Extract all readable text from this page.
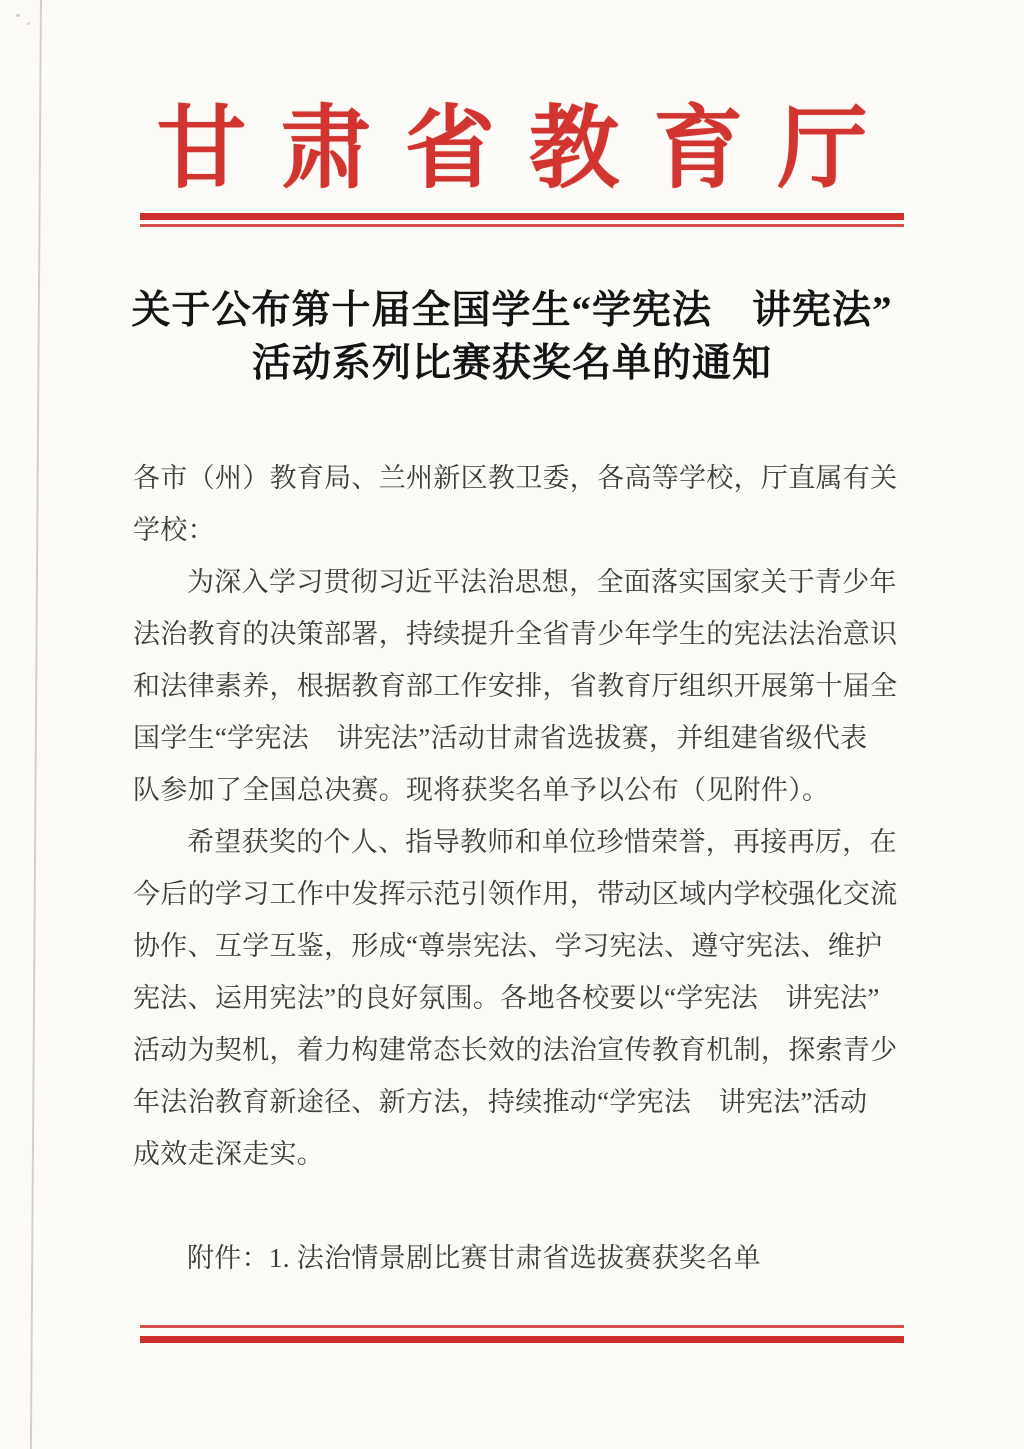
甘肃省教育厅
关于公布第十届全国学生“学宪法　讲宪法”
活动系列比赛获奖名单的通知
各市（州）教育局、兰州新区教卫委，各高等学校，厅直属有关
学校：
为深入学习贯彻习近平法治思想，全面落实国家关于青少年
法治教育的决策部署，持续提升全省青少年学生的宪法法治意识
和法律素养，根据教育部工作安排，省教育厅组织开展第十届全
国学生“学宪法　讲宪法”活动甘肃省选拔赛，并组建省级代表
队参加了全国总决赛。现将获奖名单予以公布（见附件）。
希望获奖的个人、指导教师和单位珍惜荣誉，再接再厉，在
今后的学习工作中发挥示范引领作用，带动区域内学校强化交流
协作、互学互鉴，形成“尊崇宪法、学习宪法、遵守宪法、维护
宪法、运用宪法”的良好氛围。各地各校要以“学宪法　讲宪法”
活动为契机，着力构建常态长效的法治宣传教育机制，探索青少
年法治教育新途径、新方法，持续推动“学宪法　讲宪法”活动
成效走深走实。
附件：1. 法治情景剧比赛甘肃省选拔赛获奖名单
